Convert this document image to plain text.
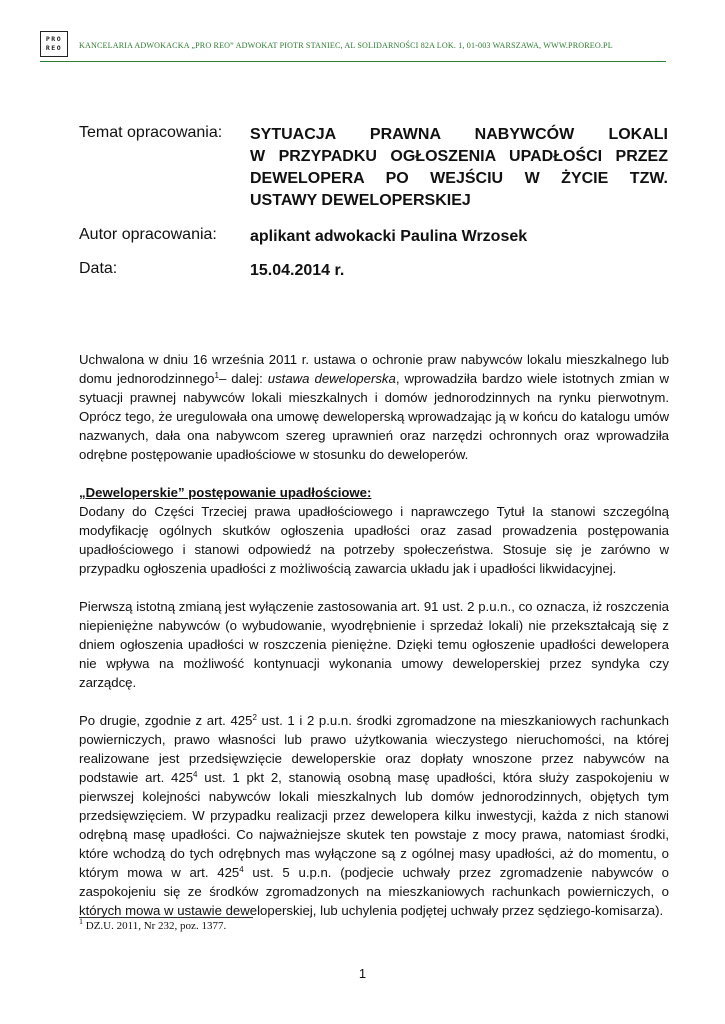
PRO
REO	KANCELARIA ADWOKACKA „PRO REO” ADWOKAT PIOTR STANIEC, AL SOLIDARNOŚCI 82A LOK. 1, 01-003 WARSZAWA, WWW.PROREO.PL
Temat opracowania:	SYTUACJA PRAWNA NABYWCÓW LOKALI
W PRZYPADKU OGŁOSZENIA UPADŁOŚCI PRZEZ
DEWELOPERA PO WEJŚCIU W ŻYCIE TZW.
USTAWY DEWELOPERSKIEJ
Autor opracowania:	aplikant adwokacki Paulina Wrzosek
Data:	15.04.2014 r.

Uchwalona w dniu 16 września 2011 r. ustawa o ochronie praw nabywców lokalu mieszkalnego lub domu jednorodzinnego$^1$– dalej: ustawa deweloperska, wprowadziła bardzo wiele istotnych zmian w sytuacji prawnej nabywców lokali mieszkalnych i domów jednorodzinnych na rynku pierwotnym. Oprócz tego, że uregulowała ona umowę deweloperską wprowadzając ją w końcu do katalogu umów nazwanych, dała ona nabywcom szereg uprawnień oraz narzędzi ochronnych oraz wprowadziła odrębne postępowanie upadłościowe w stosunku do deweloperów.

„Deweloperskie” postępowanie upadłościowe:
Dodany do Części Trzeciej prawa upadłościowego i naprawczego Tytuł Ia stanowi szczególną modyfikację ogólnych skutków ogłoszenia upadłości oraz zasad prowadzenia postępowania upadłościowego i stanowi odpowiedź na potrzeby społeczeństwa. Stosuje się je zarówno w przypadku ogłoszenia upadłości z możliwością zawarcia układu jak i upadłości likwidacyjnej.

Pierwszą istotną zmianą jest wyłączenie zastosowania art. 91 ust. 2 p.u.n., co oznacza, iż roszczenia niepieniężne nabywców (o wybudowanie, wyodrębnienie i sprzedaż lokali) nie przekształcają się z dniem ogłoszenia upadłości w roszczenia pieniężne. Dzięki temu ogłoszenie upadłości dewelopera nie wpływa na możliwość kontynuacji wykonania umowy deweloperskiej przez syndyka czy zarządcę.

Po drugie, zgodnie z art. $425^2$ ust. 1 i 2 p.u.n. środki zgromadzone na mieszkaniowych rachunkach powierniczych, prawo własności lub prawo użytkowania wieczystego nieruchomości, na której realizowane jest przedsięwzięcie deweloperskie oraz dopłaty wnoszone przez nabywców na podstawie art. $425^4$ ust. 1 pkt 2, stanowią osobną masę upadłości, która służy zaspokojeniu w pierwszej kolejności nabywców lokali mieszkalnych lub domów jednorodzinnych, objętych tym przedsięwzięciem. W przypadku realizacji przez dewelopera kilku inwestycji, każda z nich stanowi odrębną masę upadłości. Co najważniejsze skutek ten powstaje z mocy prawa, natomiast środki, które wchodzą do tych odrębnych mas wyłączone są z ogólnej masy upadłości, aż do momentu, o którym mowa w art. $425^4$ ust. 5 u.p.n. (podjecie uchwały przez zgromadzenie nabywców o zaspokojeniu się ze środków zgromadzonych na mieszkaniowych rachunkach powierniczych, o których mowa w ustawie deweloperskiej, lub uchylenia podjętej uchwały przez sędziego-komisarza).

$^1$ DZ.U. 2011, Nr 232, poz. 1377.
1
